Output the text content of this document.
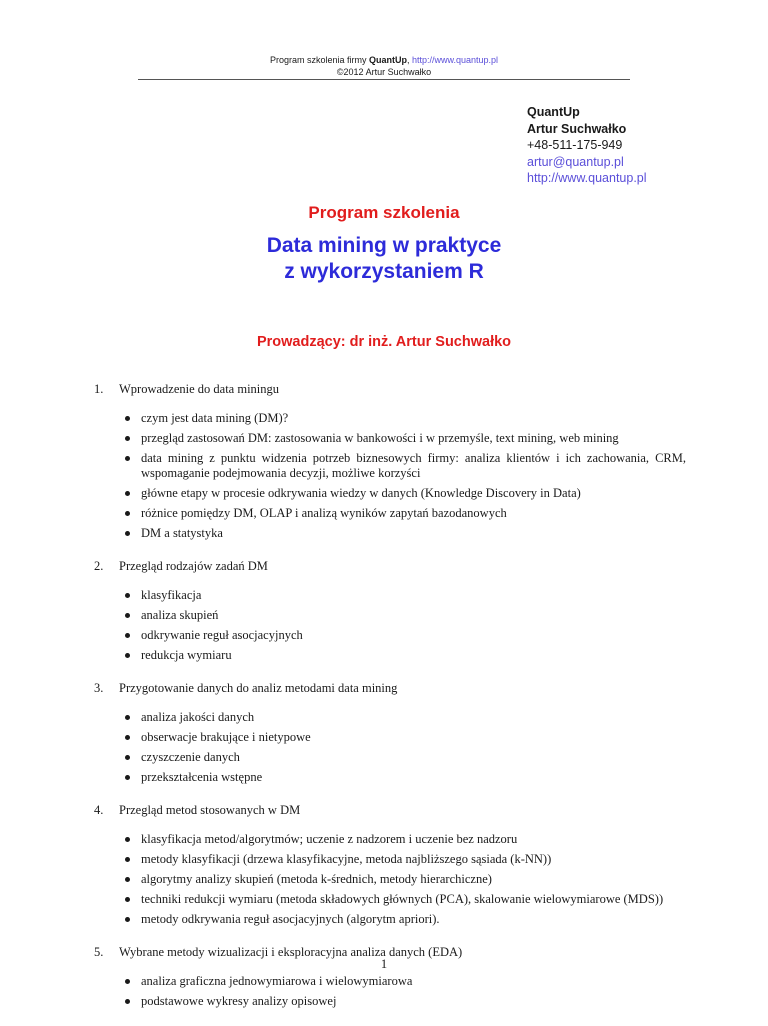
Program szkolenia firmy QuantUp, http://www.quantup.pl
©2012 Artur Suchwałko
QuantUp
Artur Suchwałko
+48-511-175-949
artur@quantup.pl
http://www.quantup.pl
Program szkolenia
Data mining w praktyce
z wykorzystaniem R
Prowadzący: dr inż. Artur Suchwałko
1.	Wprowadzenie do data miningu
czym jest data mining (DM)?
przegląd zastosowań DM: zastosowania w bankowości i w przemyśle, text mining, web mining
data mining z punktu widzenia potrzeb biznesowych firmy: analiza klientów i ich zachowania, CRM, wspomaganie podejmowania decyzji, możliwe korzyści
główne etapy w procesie odkrywania wiedzy w danych (Knowledge Discovery in Data)
różnice pomiędzy DM, OLAP i analizą wyników zapytań bazodanowych
DM a statystyka
2.	Przegląd rodzajów zadań DM
klasyfikacja
analiza skupień
odkrywanie reguł asocjacyjnych
redukcja wymiaru
3.	Przygotowanie danych do analiz metodami data mining
analiza jakości danych
obserwacje brakujące i nietypowe
czyszczenie danych
przekształcenia wstępne
4.	Przegląd metod stosowanych w DM
klasyfikacja metod/algorytmów; uczenie z nadzorem i uczenie bez nadzoru
metody klasyfikacji (drzewa klasyfikacyjne, metoda najbliższego sąsiada (k-NN))
algorytmy analizy skupień (metoda k-średnich, metody hierarchiczne)
techniki redukcji wymiaru (metoda składowych głównych (PCA), skalowanie wielowymiarowe (MDS))
metody odkrywania reguł asocjacyjnych (algorytm apriori).
5.	Wybrane metody wizualizacji i eksploracyjna analiza danych (EDA)
analiza graficzna jednowymiarowa i wielowymiarowa
podstawowe wykresy analizy opisowej
1
